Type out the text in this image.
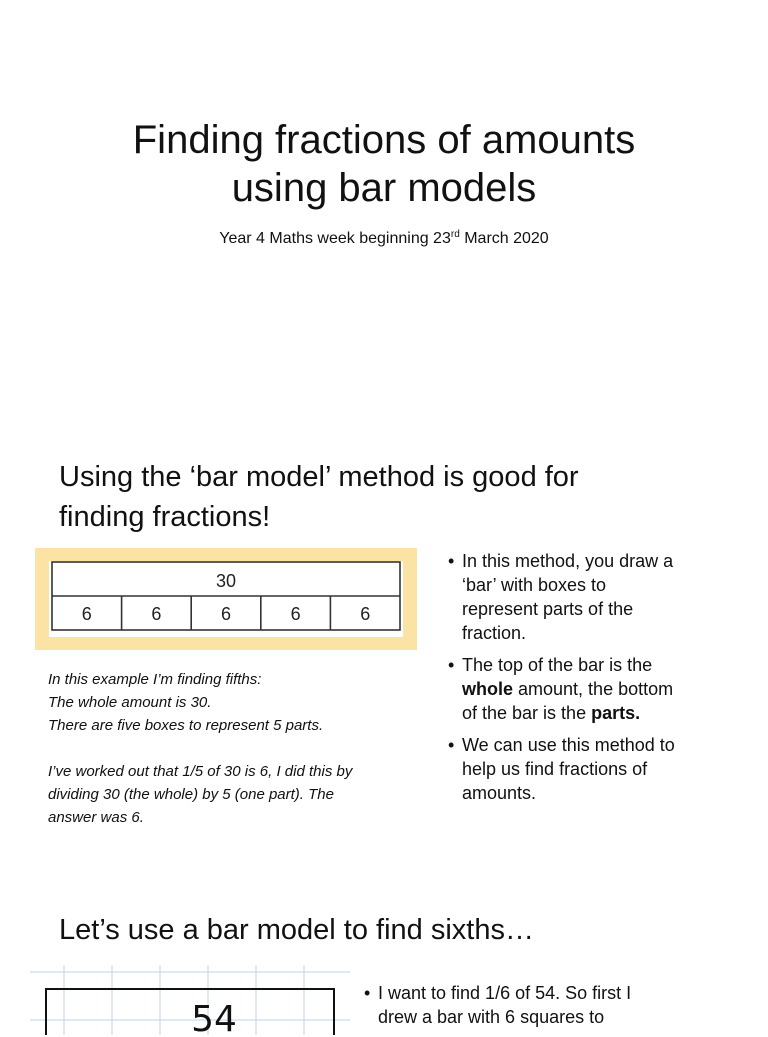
Finding fractions of amounts
using bar models
Year 4 Maths week beginning 23rd March 2020
Using the ‘bar model’ method is good for
finding fractions!
30
6	6	6	6	6

In this example I’m finding fifths:

The whole amount is 30.

There are five boxes to represent 5 parts.

I’ve worked out that 1/5 of 30 is 6, I did this by

dividing 30 (the whole) by 5 (one part). The

answer was 6.

• In this method, you draw a
‘bar’ with boxes to
represent parts of the
fraction.
• The top of the bar is the
whole amount, the bottom
of the bar is the parts.
• We can use this method to
help us find fractions of
amounts.
Let’s use a bar model to find sixths…
54
• I want to find 1/6 of 54. So first I
drew a bar with 6 squares to
